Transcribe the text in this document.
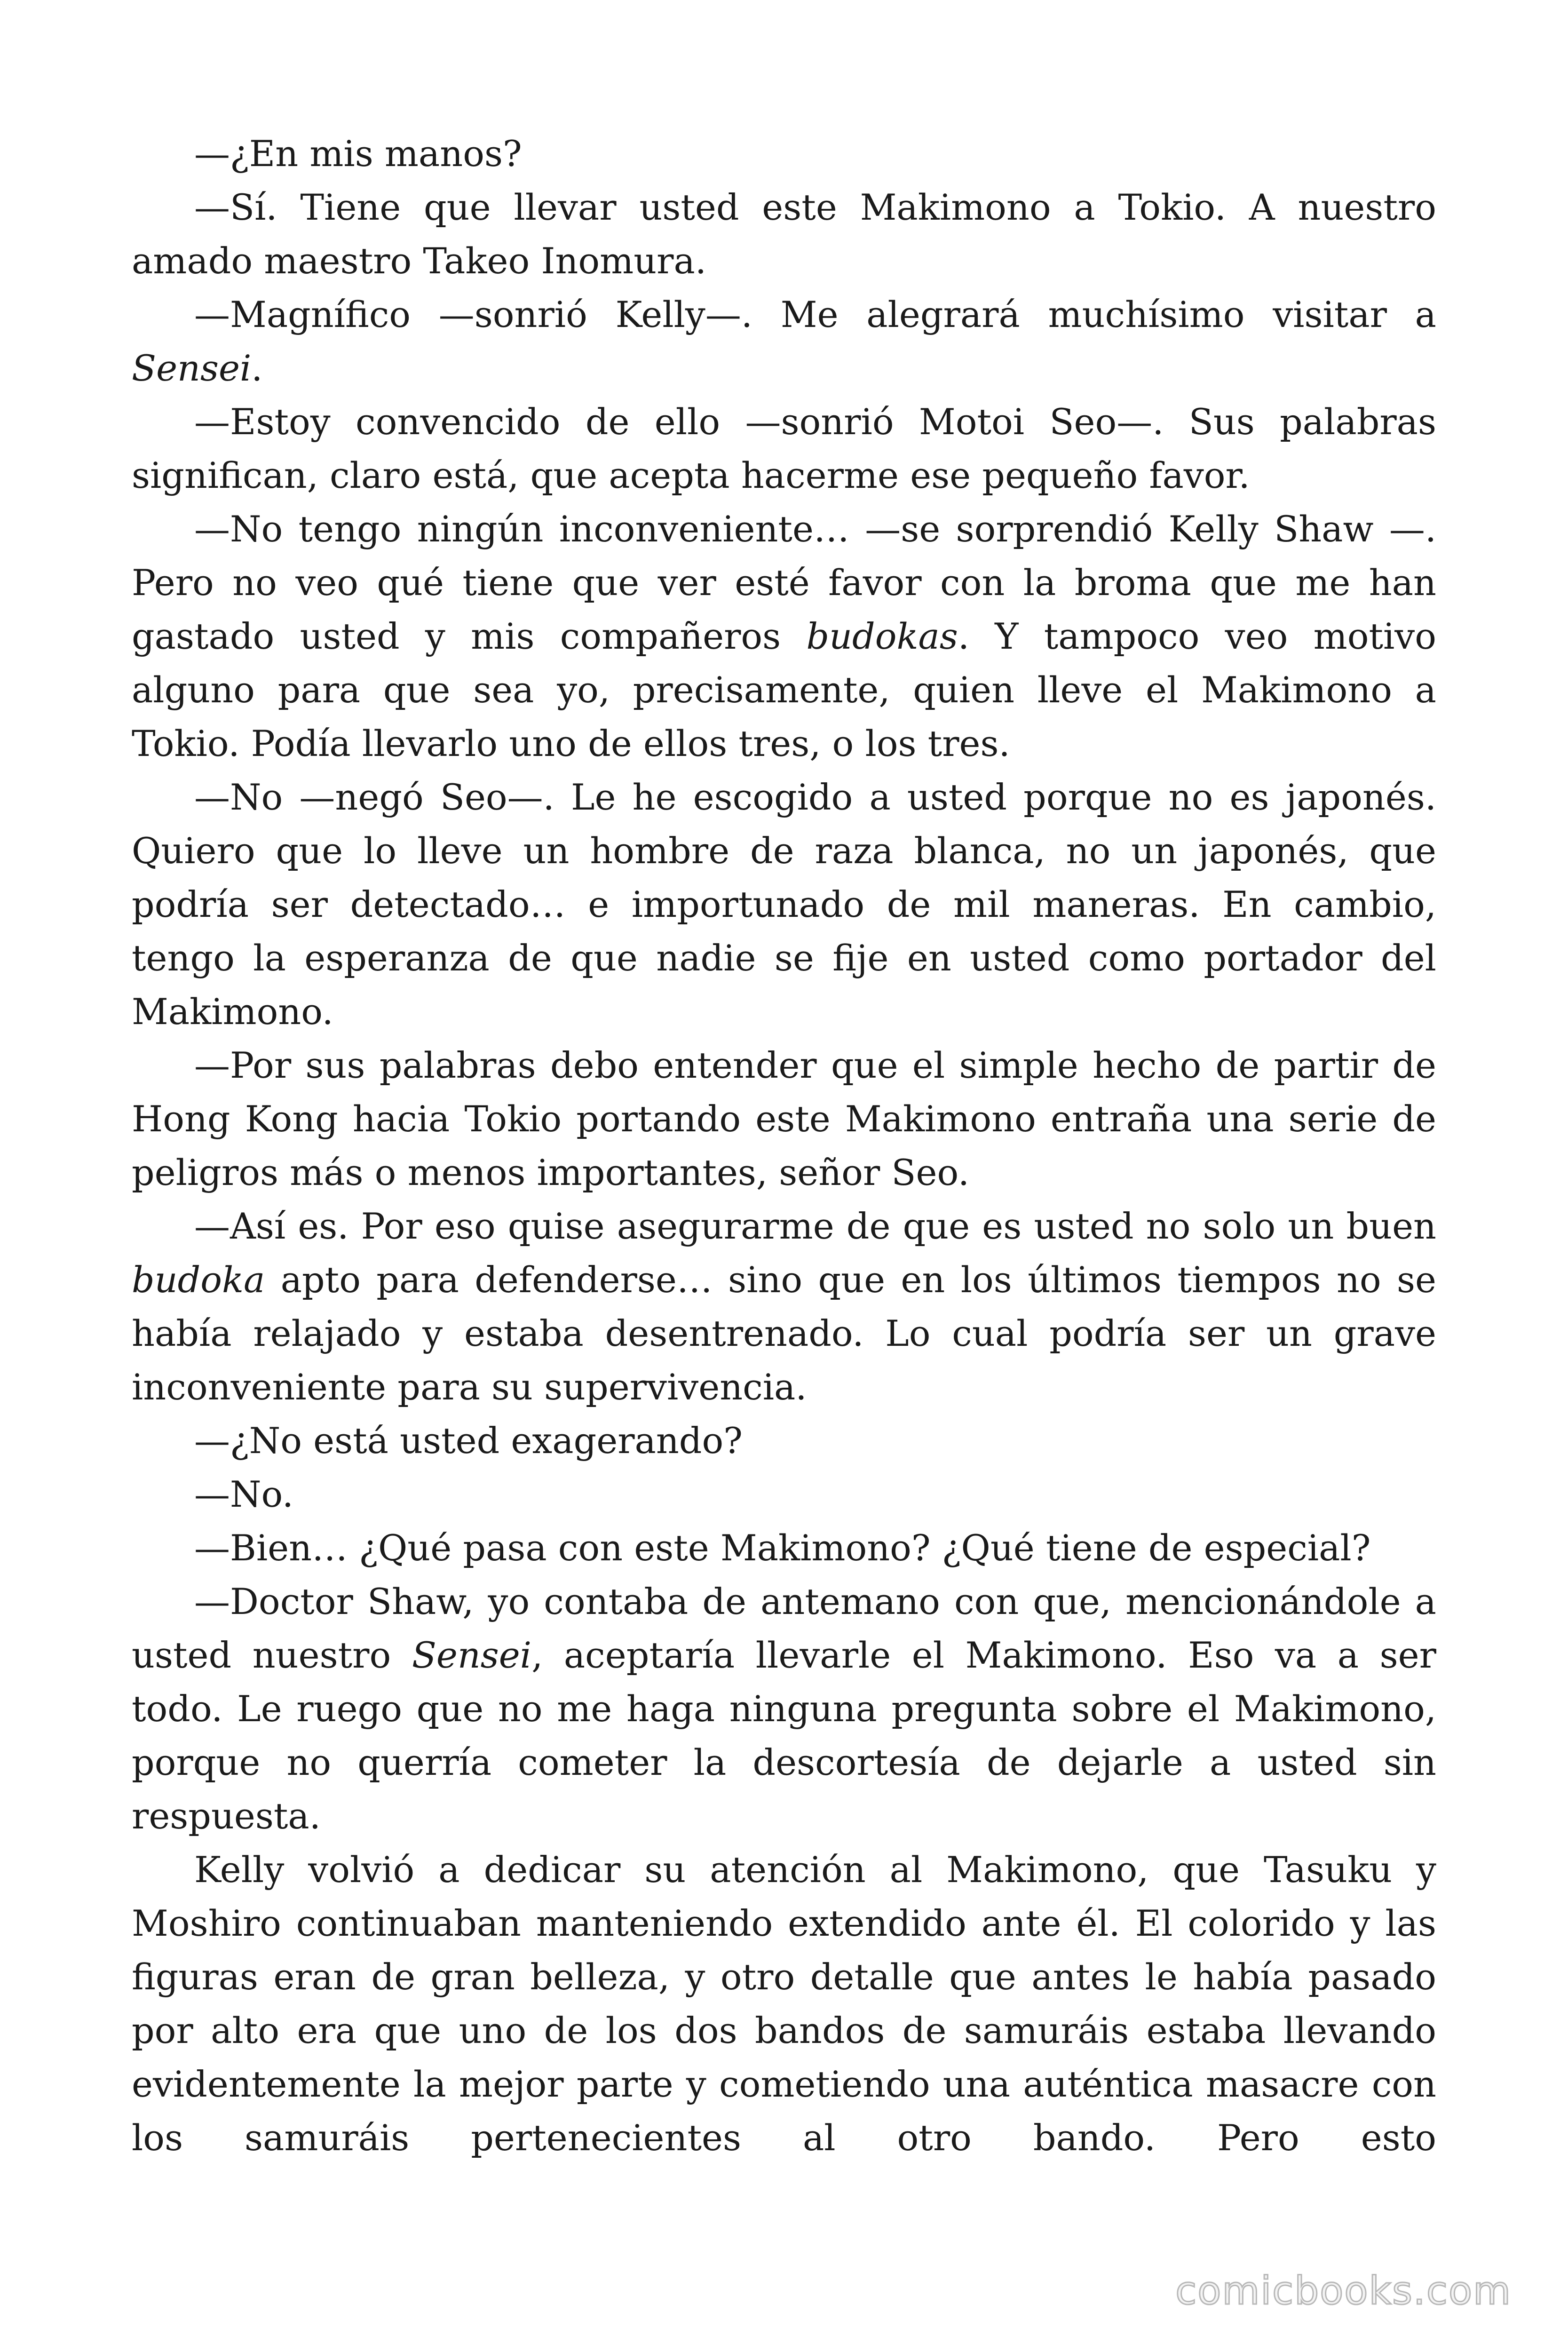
—¿En mis manos?

—Sí. Tiene que llevar usted este Makimono a Tokio. A nuestro amado maestro Takeo Inomura.

—Magnífico —sonrió Kelly—. Me alegrará muchísimo visitar a Sensei.

—Estoy convencido de ello —sonrió Motoi Seo—. Sus palabras significan, claro está, que acepta hacerme ese pequeño favor.

—No tengo ningún inconveniente… —se sorprendió Kelly Shaw —. Pero no veo qué tiene que ver esté favor con la broma que me han gastado usted y mis compañeros budokas. Y tampoco veo motivo alguno para que sea yo, precisamente, quien lleve el Makimono a Tokio. Podía llevarlo uno de ellos tres, o los tres.

—No —negó Seo—. Le he escogido a usted porque no es japonés. Quiero que lo lleve un hombre de raza blanca, no un japonés, que podría ser detectado… e importunado de mil maneras. En cambio, tengo la esperanza de que nadie se fije en usted como portador del Makimono.

—Por sus palabras debo entender que el simple hecho de partir de Hong Kong hacia Tokio portando este Makimono entraña una serie de peligros más o menos importantes, señor Seo.

—Así es. Por eso quise asegurarme de que es usted no solo un buen budoka apto para defenderse… sino que en los últimos tiempos no se había relajado y estaba desentrenado. Lo cual podría ser un grave inconveniente para su supervivencia.

—¿No está usted exagerando?

—No.

—Bien… ¿Qué pasa con este Makimono? ¿Qué tiene de especial?

—Doctor Shaw, yo contaba de antemano con que, mencionándole a usted nuestro Sensei, aceptaría llevarle el Makimono. Eso va a ser todo. Le ruego que no me haga ninguna pregunta sobre el Makimono, porque no querría cometer la descortesía de dejarle a usted sin respuesta.

Kelly volvió a dedicar su atención al Makimono, que Tasuku y Moshiro continuaban manteniendo extendido ante él. El colorido y las figuras eran de gran belleza, y otro detalle que antes le había pasado por alto era que uno de los dos bandos de samuráis estaba llevando evidentemente la mejor parte y cometiendo una auténtica masacre con los samuráis pertenecientes al otro bando. Pero esto

comicbooks.com
